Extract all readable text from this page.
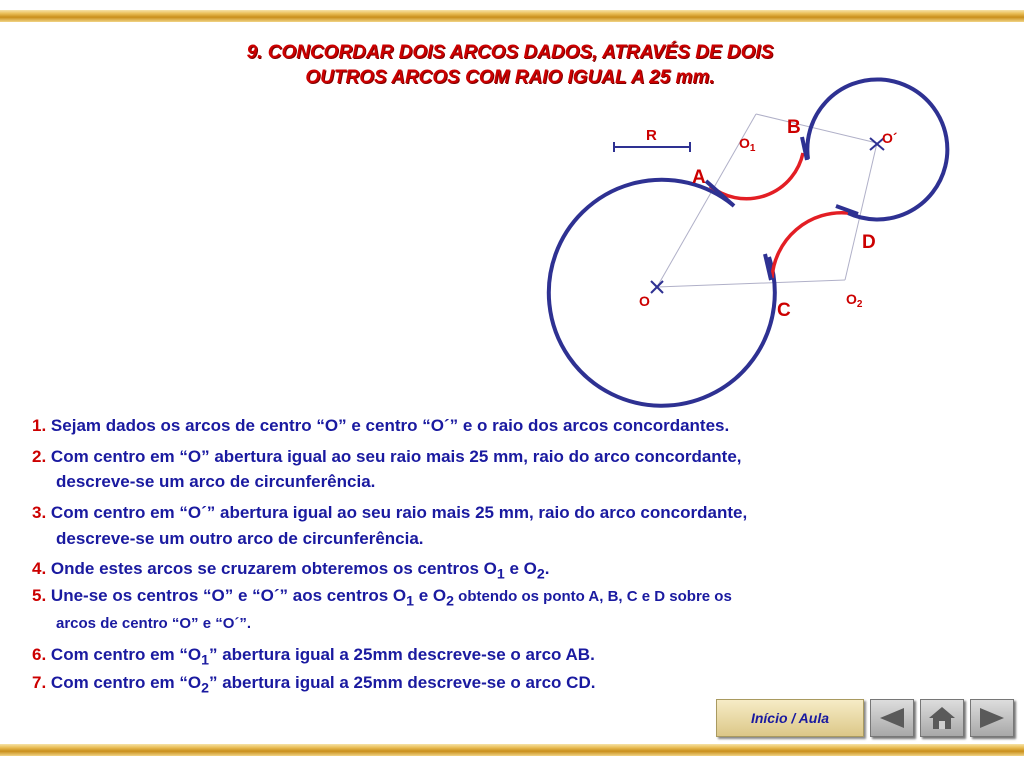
9. CONCORDAR DOIS ARCOS DADOS, ATRAVÉS DE DOIS
OUTROS ARCOS COM RAIO IGUAL A 25 mm.
R
A
B
C
D
O
O´
$O_1$
$O_2$
1. Sejam dados os arcos de centro “O” e centro “O´” e o raio dos arcos concordantes.
2. Com centro em “O” abertura igual ao seu raio mais 25 mm, raio do arco concordante,
descreve-se um arco de circunferência.
3. Com centro em “O´” abertura igual ao seu raio mais 25 mm, raio do arco concordante,
descreve-se um outro arco de circunferência.
4. Onde estes arcos se cruzarem obteremos os centros $O_1$ e $O_2$.
5. Une-se os centros “O” e “O´” aos centros $O_1$ e $O_2$ obtendo os ponto A, B, C e D sobre os
arcos de centro “O” e “O´”.
6. Com centro em “$O_1$” abertura igual a 25mm descreve-se o arco AB.
7. Com centro em “$O_2$” abertura igual a 25mm descreve-se o arco CD.
Início / Aula
